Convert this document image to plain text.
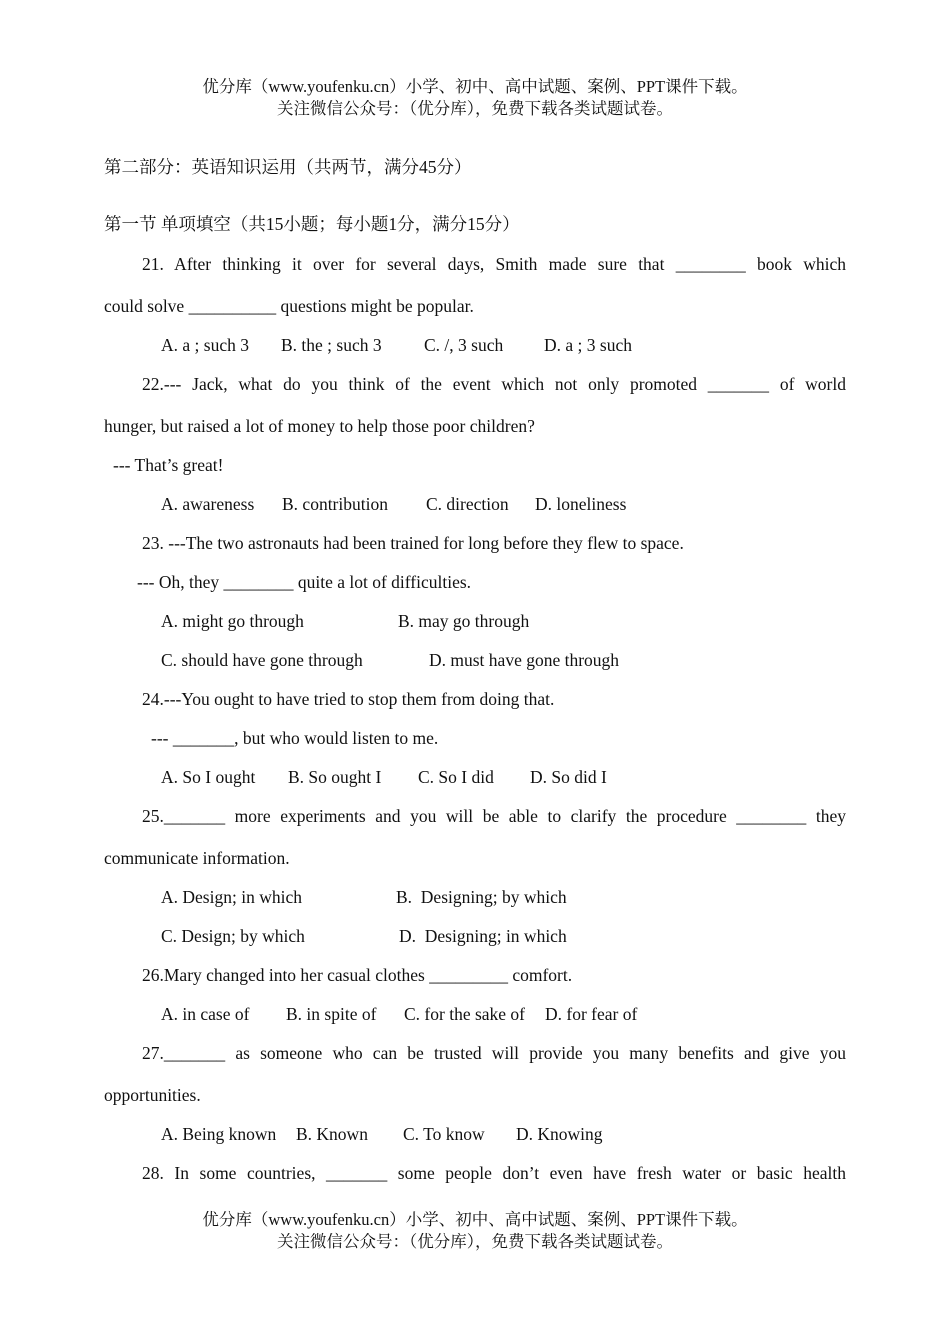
优分库（www.youfenku.cn）小学、初中、高中试题、案例、PPT课件下载。
关注微信公众号：（优分库），免费下载各类试题试卷。
第二部分：英语知识运用（共两节，满分45分）
第一节 单项填空（共15小题；每小题1分，满分15分）
21. After thinking it over for several days, Smith made sure that ________ book which
could solve __________ questions might be popular.
A. a ; such 3 B. the ; such 3 C. /, 3 such D. a ; 3 such
22.--- Jack, what do you think of the event which not only promoted _______ of world
hunger, but raised a lot of money to help those poor children?
--- That’s great!
A. awareness B. contribution C. direction D. loneliness
23. ---The two astronauts had been trained for long before they flew to space.
--- Oh, they ________ quite a lot of difficulties.
A. might go through	B. may go through
C. should have gone through	D. must have gone through
24.---You ought to have tried to stop them from doing that.
--- _______, but who would listen to me.
A. So I ought B. So ought I C. So I did D. So did I
25._______ more experiments and you will be able to clarify the procedure ________ they
communicate information.
A. Design; in which	B.  Designing; by which
C. Design; by which	D.  Designing; in which
26.Mary changed into her casual clothes _________ comfort.
A. in case of B. in spite of C. for the sake of D. for fear of
27._______ as someone who can be trusted will provide you many benefits and give you
opportunities.
A. Being known B. Known C. To know D. Knowing
28. In some countries, _______ some people don’t even have fresh water or basic health
优分库（www.youfenku.cn）小学、初中、高中试题、案例、PPT课件下载。
关注微信公众号：（优分库），免费下载各类试题试卷。
